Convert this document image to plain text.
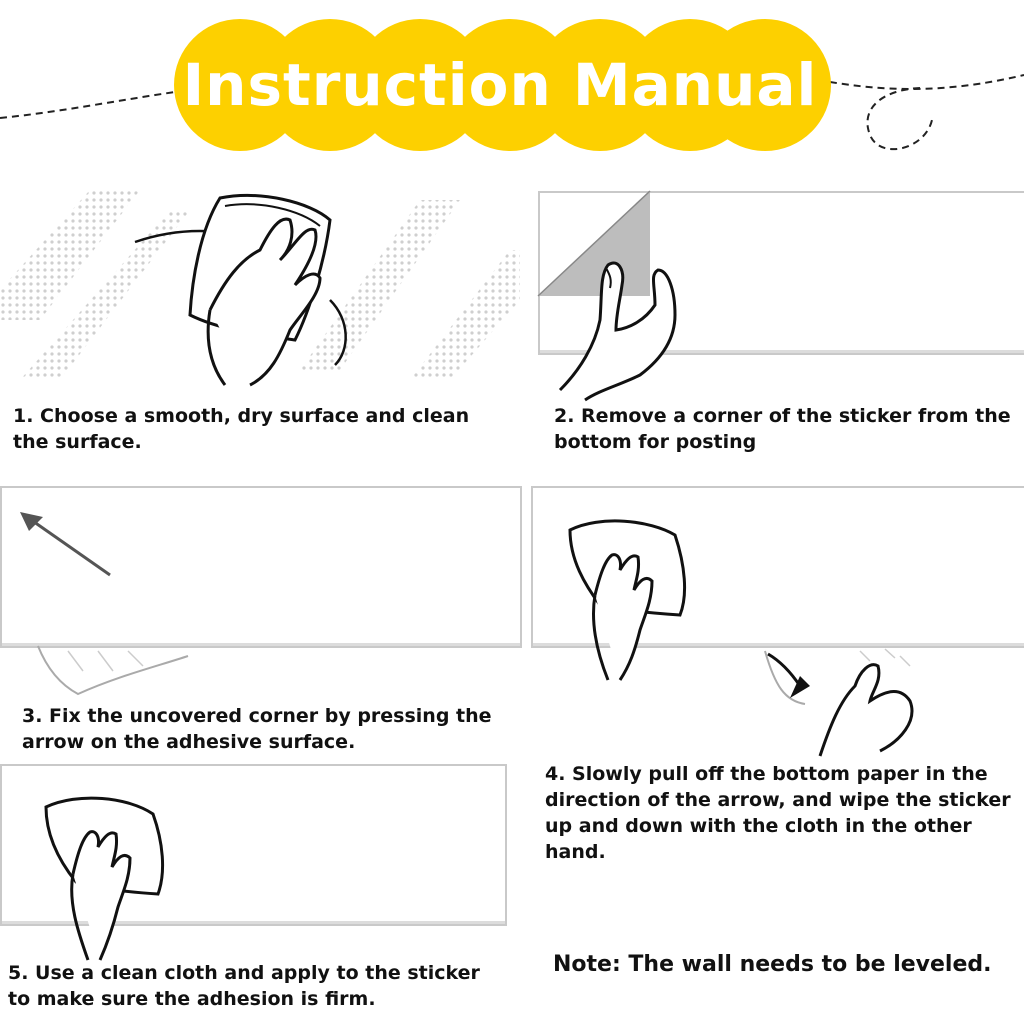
Instruction Manual
1. Choose a smooth, dry surface and clean the surface.
2. Remove a corner of the sticker from the bottom for posting
3. Fix the uncovered corner by pressing the arrow on the adhesive surface.
4. Slowly pull off the bottom paper in the direction of the arrow, and wipe the sticker up and down with the cloth in the other hand.
5. Use a clean cloth and apply to the sticker to make sure the adhesion is firm.
Note: The wall needs to be leveled.
